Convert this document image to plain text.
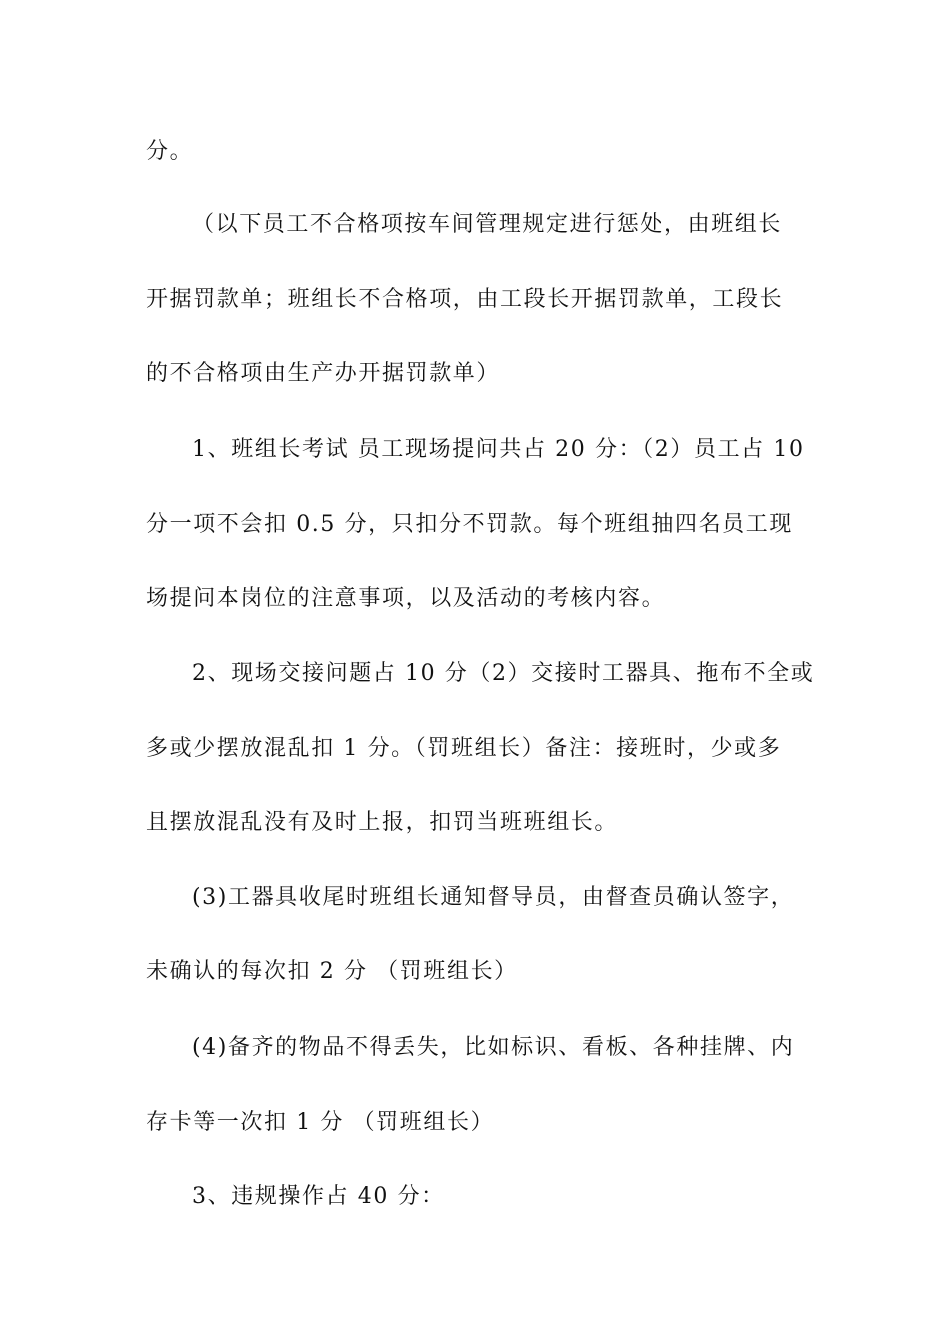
分。
（以下员工不合格项按车间管理规定进行惩处，由班组长
开据罚款单；班组长不合格项，由工段长开据罚款单，工段长
的不合格项由生产办开据罚款单）
1、班组长考试 员工现场提问共占 20 分：（2）员工占 10
分一项不会扣 0.5 分，只扣分不罚款。每个班组抽四名员工现
场提问本岗位的注意事项，以及活动的考核内容。
2、现场交接问题占 10 分（2）交接时工器具、拖布不全或
多或少摆放混乱扣 1 分。（罚班组长）备注：接班时，少或多
且摆放混乱没有及时上报，扣罚当班班组长。
(3)工器具收尾时班组长通知督导员，由督查员确认签字，
未确认的每次扣 2 分 （罚班组长）
(4)备齐的物品不得丢失，比如标识、看板、各种挂牌、内
存卡等一次扣 1 分 （罚班组长）
3、违规操作占 40 分：
